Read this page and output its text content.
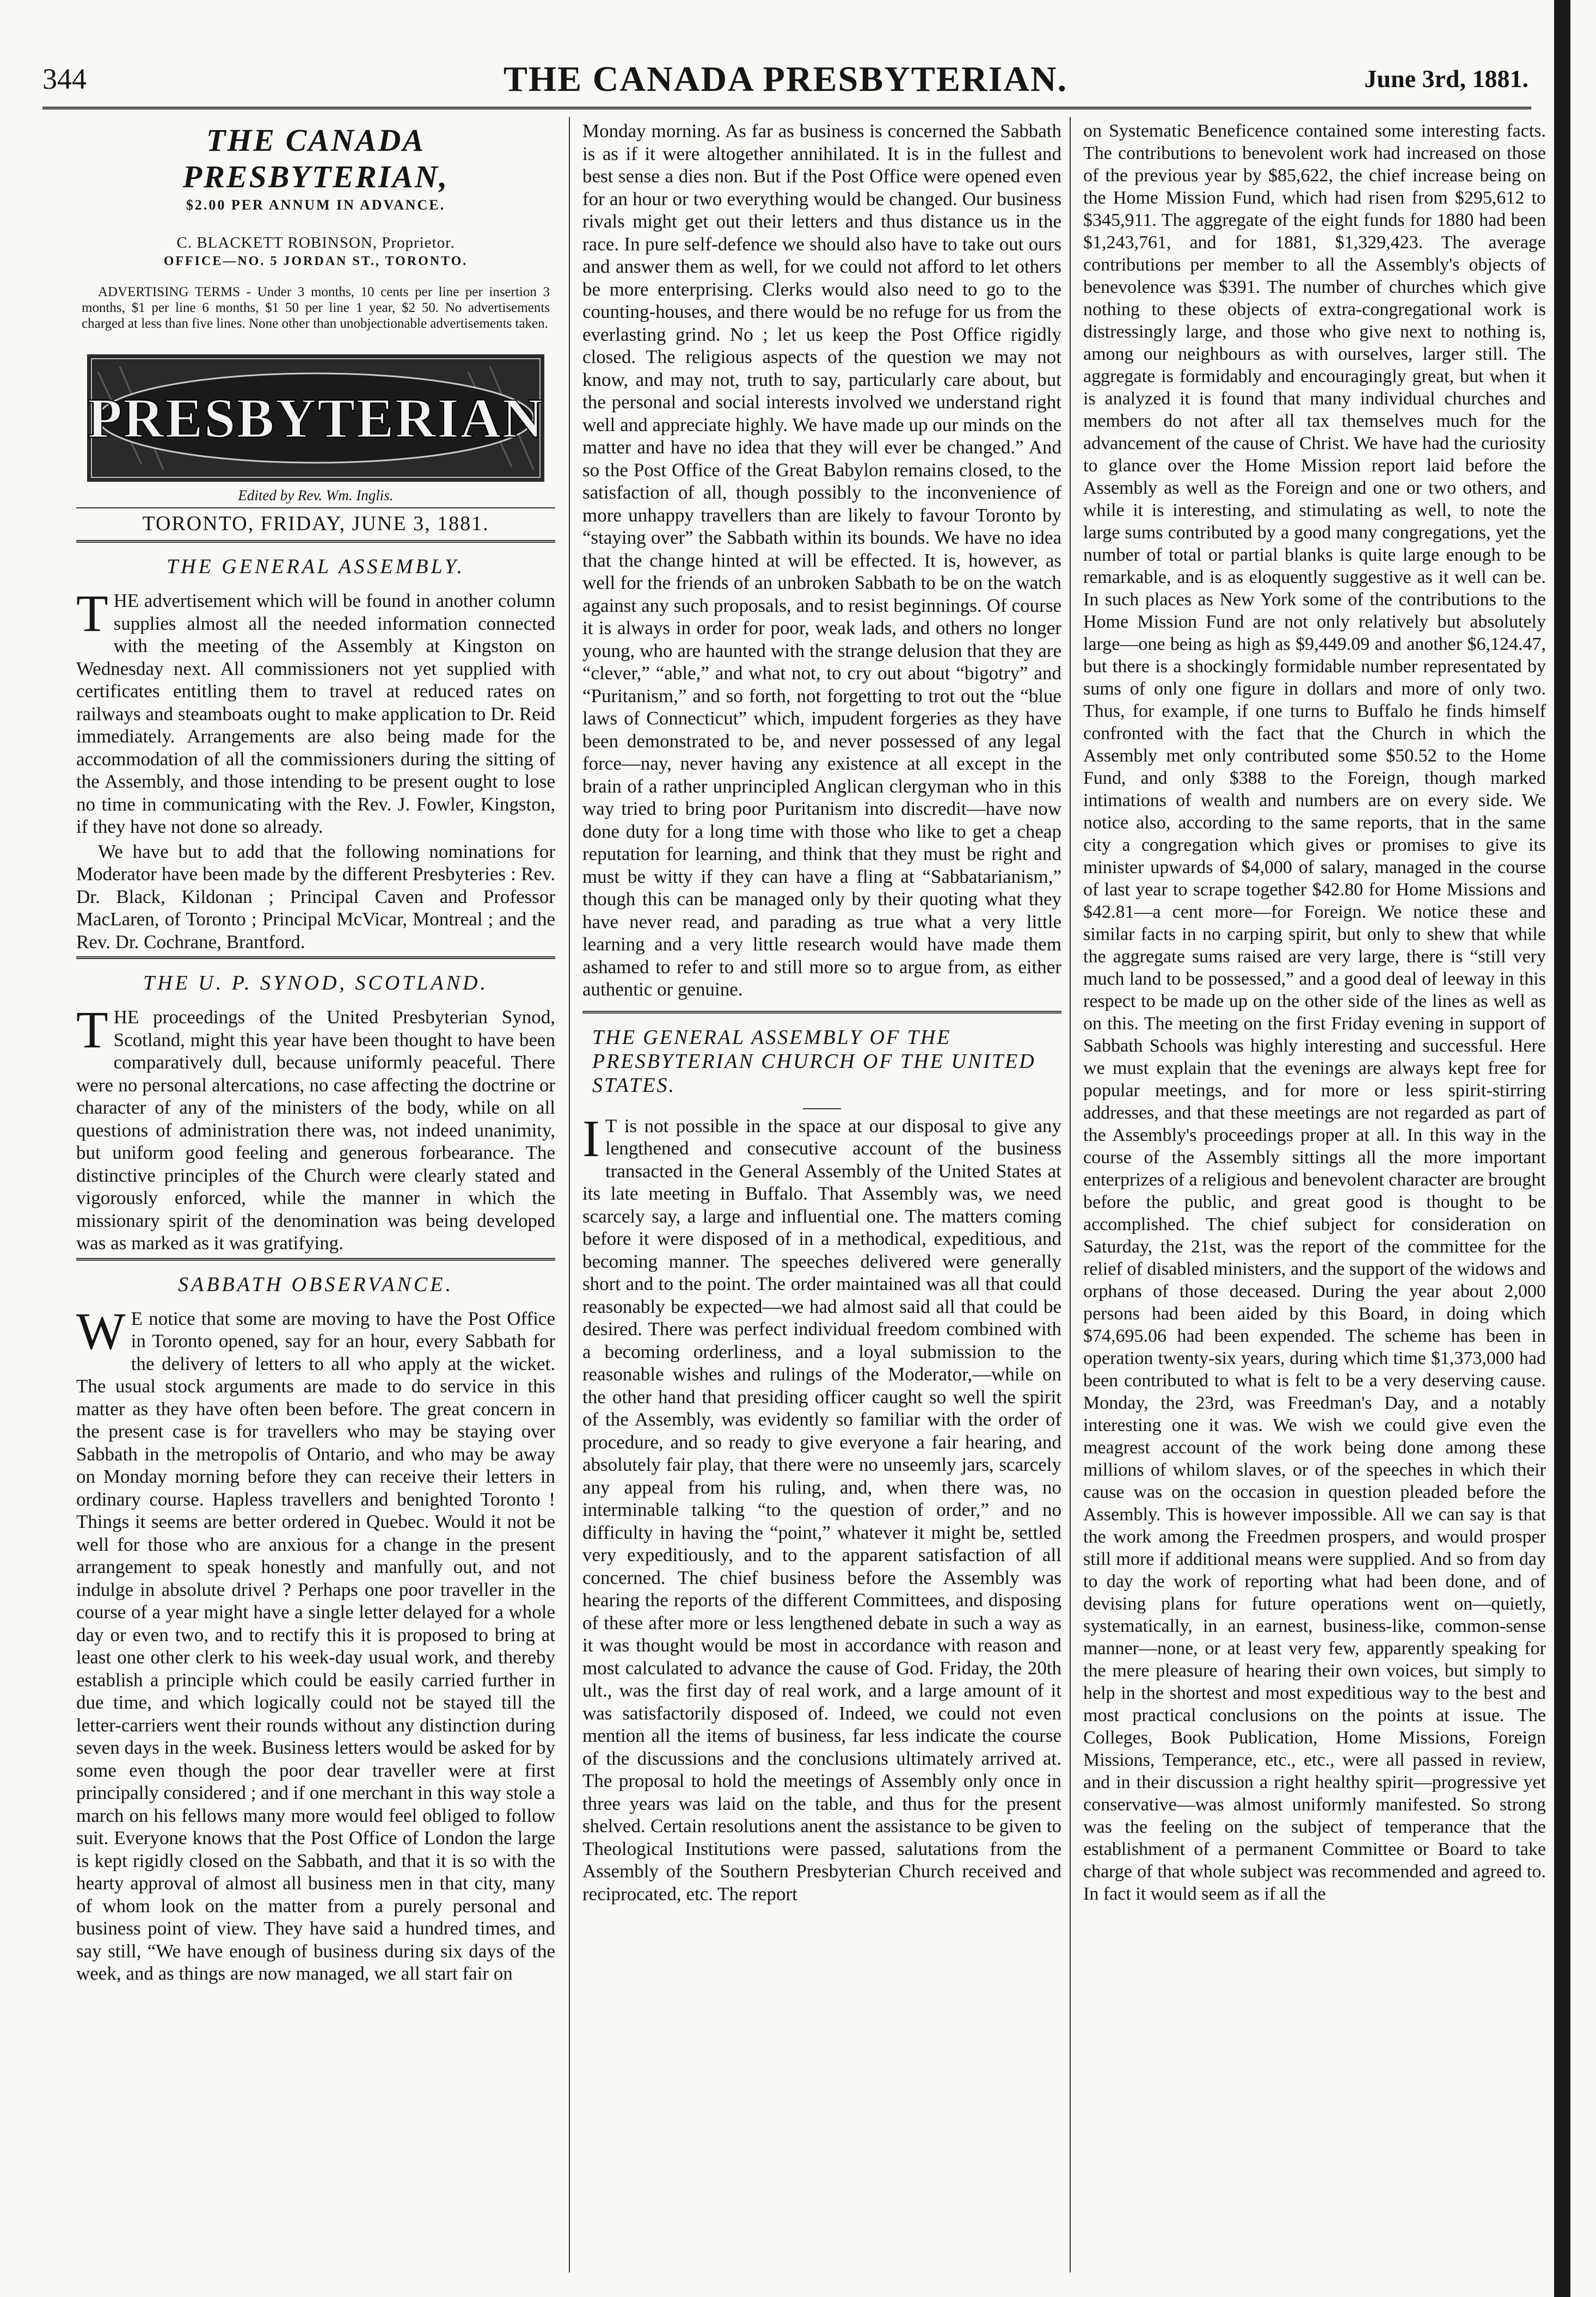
344	THE CANADA PRESBYTERIAN.	June 3rd, 1881.
THE CANADA PRESBYTERIAN,
$2.00 PER ANNUM IN ADVANCE.
C. BLACKETT ROBINSON, Proprietor.
OFFICE—NO. 5 JORDAN ST., TORONTO.
ADVERTISING TERMS - Under 3 months, 10 cents per line per insertion 3 months, $1 per line 6 months, $1 50 per line 1 year, $2 50. No advertisements charged at less than five lines. None other than unobjectionable advertisements taken.
PRESBYTERIAN
Edited by Rev. Wm. Inglis.
TORONTO, FRIDAY, JUNE 3, 1881.
THE GENERAL ASSEMBLY.

THE advertisement which will be found in another column supplies almost all the needed information connected with the meeting of the Assembly at Kingston on Wednesday next. All commissioners not yet supplied with certificates entitling them to travel at reduced rates on railways and steamboats ought to make application to Dr. Reid immediately. Arrangements are also being made for the accommodation of all the commissioners during the sitting of the Assembly, and those intending to be present ought to lose no time in communicating with the Rev. J. Fowler, Kingston, if they have not done so already.

We have but to add that the following nominations for Moderator have been made by the different Presbyteries : Rev. Dr. Black, Kildonan ; Principal Caven and Professor MacLaren, of Toronto ; Principal McVicar, Montreal ; and the Rev. Dr. Cochrane, Brantford.

THE U. P. SYNOD, SCOTLAND.

THE proceedings of the United Presbyterian Synod, Scotland, might this year have been thought to have been comparatively dull, because uniformly peaceful. There were no personal altercations, no case affecting the doctrine or character of any of the ministers of the body, while on all questions of administration there was, not indeed unanimity, but uniform good feeling and generous forbearance. The distinctive principles of the Church were clearly stated and vigorously enforced, while the manner in which the missionary spirit of the denomination was being developed was as marked as it was gratifying.

SABBATH OBSERVANCE.

W E notice that some are moving to have the Post Office in Toronto opened, say for an hour, every Sabbath for the delivery of letters to all who apply at the wicket. The usual stock arguments are made to do service in this matter as they have often been before. The great concern in the present case is for travellers who may be staying over Sabbath in the metropolis of Ontario, and who may be away on Monday morning before they can receive their letters in ordinary course. Hapless travellers and benighted Toronto ! Things it seems are better ordered in Quebec. Would it not be well for those who are anxious for a change in the present arrangement to speak honestly and manfully out, and not indulge in absolute drivel ? Perhaps one poor traveller in the course of a year might have a single letter delayed for a whole day or even two, and to rectify this it is proposed to bring at least one other clerk to his week-day usual work, and thereby establish a principle which could be easily carried further in due time, and which logically could not be stayed till the letter-carriers went their rounds without any distinction during seven days in the week. Business letters would be asked for by some even though the poor dear traveller were at first principally considered ; and if one merchant in this way stole a march on his fellows many more would feel obliged to follow suit. Everyone knows that the Post Office of London the large is kept rigidly closed on the Sabbath, and that it is so with the hearty approval of almost all business men in that city, many of whom look on the matter from a purely personal and business point of view. They have said a hundred times, and say still, “We have enough of business during six days of the week, and as things are now managed, we all start fair on

Monday morning. As far as business is concerned the Sabbath is as if it were altogether annihilated. It is in the fullest and best sense a dies non. But if the Post Office were opened even for an hour or two everything would be changed. Our business rivals might get out their letters and thus distance us in the race. In pure self-defence we should also have to take out ours and answer them as well, for we could not afford to let others be more enterprising. Clerks would also need to go to the counting-houses, and there would be no refuge for us from the everlasting grind. No ; let us keep the Post Office rigidly closed. The religious aspects of the question we may not know, and may not, truth to say, particularly care about, but the personal and social interests involved we understand right well and appreciate highly. We have made up our minds on the matter and have no idea that they will ever be changed.” And so the Post Office of the Great Babylon remains closed, to the satisfaction of all, though possibly to the inconvenience of more unhappy travellers than are likely to favour Toronto by “staying over” the Sabbath within its bounds. We have no idea that the change hinted at will be effected. It is, however, as well for the friends of an unbroken Sabbath to be on the watch against any such proposals, and to resist beginnings. Of course it is always in order for poor, weak lads, and others no longer young, who are haunted with the strange delusion that they are “clever,” “able,” and what not, to cry out about “bigotry” and “Puritanism,” and so forth, not forgetting to trot out the “blue laws of Connecticut” which, impudent forgeries as they have been demonstrated to be, and never possessed of any legal force—nay, never having any existence at all except in the brain of a rather unprincipled Anglican clergyman who in this way tried to bring poor Puritanism into discredit—have now done duty for a long time with those who like to get a cheap reputation for learning, and think that they must be right and must be witty if they can have a fling at “Sabbatarianism,” though this can be managed only by their quoting what they have never read, and parading as true what a very little learning and a very little research would have made them ashamed to refer to and still more so to argue from, as either authentic or genuine.

THE GENERAL ASSEMBLY OF THE PRESBYTERIAN CHURCH OF THE UNITED STATES.

I T is not possible in the space at our disposal to give any lengthened and consecutive account of the business transacted in the General Assembly of the United States at its late meeting in Buffalo. That Assembly was, we need scarcely say, a large and influential one. The matters coming before it were disposed of in a methodical, expeditious, and becoming manner. The speeches delivered were generally short and to the point. The order maintained was all that could reasonably be expected—we had almost said all that could be desired. There was perfect individual freedom combined with a becoming orderliness, and a loyal submission to the reasonable wishes and rulings of the Moderator,—while on the other hand that presiding officer caught so well the spirit of the Assembly, was evidently so familiar with the order of procedure, and so ready to give everyone a fair hearing, and absolutely fair play, that there were no unseemly jars, scarcely any appeal from his ruling, and, when there was, no interminable talking “to the question of order,” and no difficulty in having the “point,” whatever it might be, settled very expeditiously, and to the apparent satisfaction of all concerned. The chief business before the Assembly was hearing the reports of the different Committees, and disposing of these after more or less lengthened debate in such a way as it was thought would be most in accordance with reason and most calculated to advance the cause of God. Friday, the 20th ult., was the first day of real work, and a large amount of it was satisfactorily disposed of. Indeed, we could not even mention all the items of business, far less indicate the course of the discussions and the conclusions ultimately arrived at. The proposal to hold the meetings of Assembly only once in three years was laid on the table, and thus for the present shelved. Certain resolutions anent the assistance to be given to Theological Institutions were passed, salutations from the Assembly of the Southern Presbyterian Church received and reciprocated, etc. The report

on Systematic Beneficence contained some interesting facts. The contributions to benevolent work had increased on those of the previous year by $85,622, the chief increase being on the Home Mission Fund, which had risen from $295,612 to $345,911. The aggregate of the eight funds for 1880 had been $1,243,761, and for 1881, $1,329,423. The average contributions per member to all the Assembly's objects of benevolence was $391. The number of churches which give nothing to these objects of extra-congregational work is distressingly large, and those who give next to nothing is, among our neighbours as with ourselves, larger still. The aggregate is formidably and encouragingly great, but when it is analyzed it is found that many individual churches and members do not after all tax themselves much for the advancement of the cause of Christ. We have had the curiosity to glance over the Home Mission report laid before the Assembly as well as the Foreign and one or two others, and while it is interesting, and stimulating as well, to note the large sums contributed by a good many congregations, yet the number of total or partial blanks is quite large enough to be remarkable, and is as eloquently suggestive as it well can be. In such places as New York some of the contributions to the Home Mission Fund are not only relatively but absolutely large—one being as high as $9,449.09 and another $6,124.47, but there is a shockingly formidable number representated by sums of only one figure in dollars and more of only two. Thus, for example, if one turns to Buffalo he finds himself confronted with the fact that the Church in which the Assembly met only contributed some $50.52 to the Home Fund, and only $388 to the Foreign, though marked intimations of wealth and numbers are on every side. We notice also, according to the same reports, that in the same city a congregation which gives or promises to give its minister upwards of $4,000 of salary, managed in the course of last year to scrape together $42.80 for Home Missions and $42.81—a cent more—for Foreign. We notice these and similar facts in no carping spirit, but only to shew that while the aggregate sums raised are very large, there is “still very much land to be possessed,” and a good deal of leeway in this respect to be made up on the other side of the lines as well as on this. The meeting on the first Friday evening in support of Sabbath Schools was highly interesting and successful. Here we must explain that the evenings are always kept free for popular meetings, and for more or less spirit-stirring addresses, and that these meetings are not regarded as part of the Assembly's proceedings proper at all. In this way in the course of the Assembly sittings all the more important enterprizes of a religious and benevolent character are brought before the public, and great good is thought to be accomplished. The chief subject for consideration on Saturday, the 21st, was the report of the committee for the relief of disabled ministers, and the support of the widows and orphans of those deceased. During the year about 2,000 persons had been aided by this Board, in doing which $74,695.06 had been expended. The scheme has been in operation twenty-six years, during which time $1,373,000 had been contributed to what is felt to be a very deserving cause. Monday, the 23rd, was Freedman's Day, and a notably interesting one it was. We wish we could give even the meagrest account of the work being done among these millions of whilom slaves, or of the speeches in which their cause was on the occasion in question pleaded before the Assembly. This is however impossible. All we can say is that the work among the Freedmen prospers, and would prosper still more if additional means were supplied. And so from day to day the work of reporting what had been done, and of devising plans for future operations went on—quietly, systematically, in an earnest, business-like, common-sense manner—none, or at least very few, apparently speaking for the mere pleasure of hearing their own voices, but simply to help in the shortest and most expeditious way to the best and most practical conclusions on the points at issue. The Colleges, Book Publication, Home Missions, Foreign Missions, Temperance, etc., etc., were all passed in review, and in their discussion a right healthy spirit—progressive yet conservative—was almost uniformly manifested. So strong was the feeling on the subject of temperance that the establishment of a permanent Committee or Board to take charge of that whole subject was recommended and agreed to. In fact it would seem as if all the
